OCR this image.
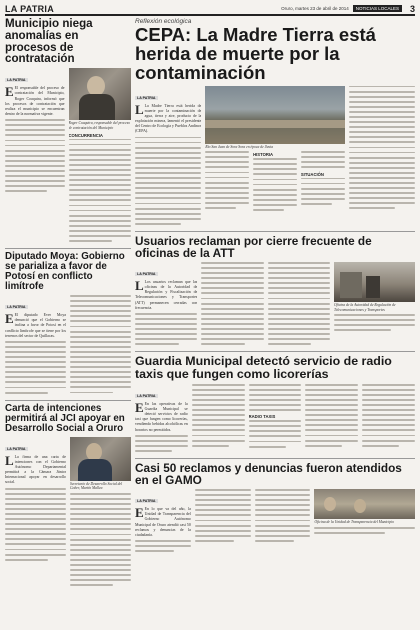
LA PATRIA	Oruro, martes 23 de abril de 2014	NOTICIAS LOCALES	3
Municipio niega anomalías en procesos de contratación
LA PATRIA
E El responsable del proceso de contratación del Municipio, Roger Coaquira, informó que los procesos de contratación que realiza el municipio se encuentran dentro de la normativa vigente.
Roger Coaquira, responsable del proceso de contratación del Municipio
CONCURRENCIA
Diputado Moya: Gobierno se parializa a favor de Potosí en conflicto limítrofe
LA PATRIA
E El diputado Ever Moya denunció que el Gobierno se inclina a favor de Potosí en el conflicto limítrofe que se tiene por los terrenos del sector de Quillacas.
Carta de intenciones permitirá al JCI apoyar en Desarrollo Social a Oruro
LA PATRIA
L La firma de una carta de intenciones con el Gobierno Autónomo Departamental permitirá a la Cámara Júnior Internacional apoyar en desarrollo social.	Secretario de Desarrollo Social del Gober, Martín Mallea
Reflexión ecológica
CEPA: La Madre Tierra está herida de muerte por la contaminación
LA PATRIA
L La Madre Tierra está herida de muerte por la contaminación de agua, tierra y aire, producto de la explotación minera, lamentó el presidente del Centro de Ecología y Pueblos Andinos (CEPA).
Río San Juan de Sora Sora en época de lluvia
HISTORIA
SITUACIÓN
Usuarios reclaman por cierre frecuente de oficinas de la ATT
LA PATRIA
L Los usuarios reclaman que las oficinas de la Autoridad de Regulación y Fiscalización de Telecomunicaciones y Transportes (ATT) permanecen cerradas con frecuencia.
Oficina de la Autoridad de Regulación de Telecomunicaciones y Transportes
Guardia Municipal detectó servicio de radio taxis que fungen como licorerías
LA PATRIA
E En las operativas de la Guardia Municipal se detectó servicios de radio taxi que fungen como licorerías, vendiendo bebidas alcohólicas en horarios no permitidos.
RADIO TAXIS
Casi 50 reclamos y denuncias fueron atendidos en el GAMO
LA PATRIA
E En lo que va del año, la Unidad de Transparencia del Gobierno Autónomo Municipal de Oruro atendió casi 50 reclamos y denuncias de la ciudadanía.
Oficina de la Unidad de Transparencia del Municipio
